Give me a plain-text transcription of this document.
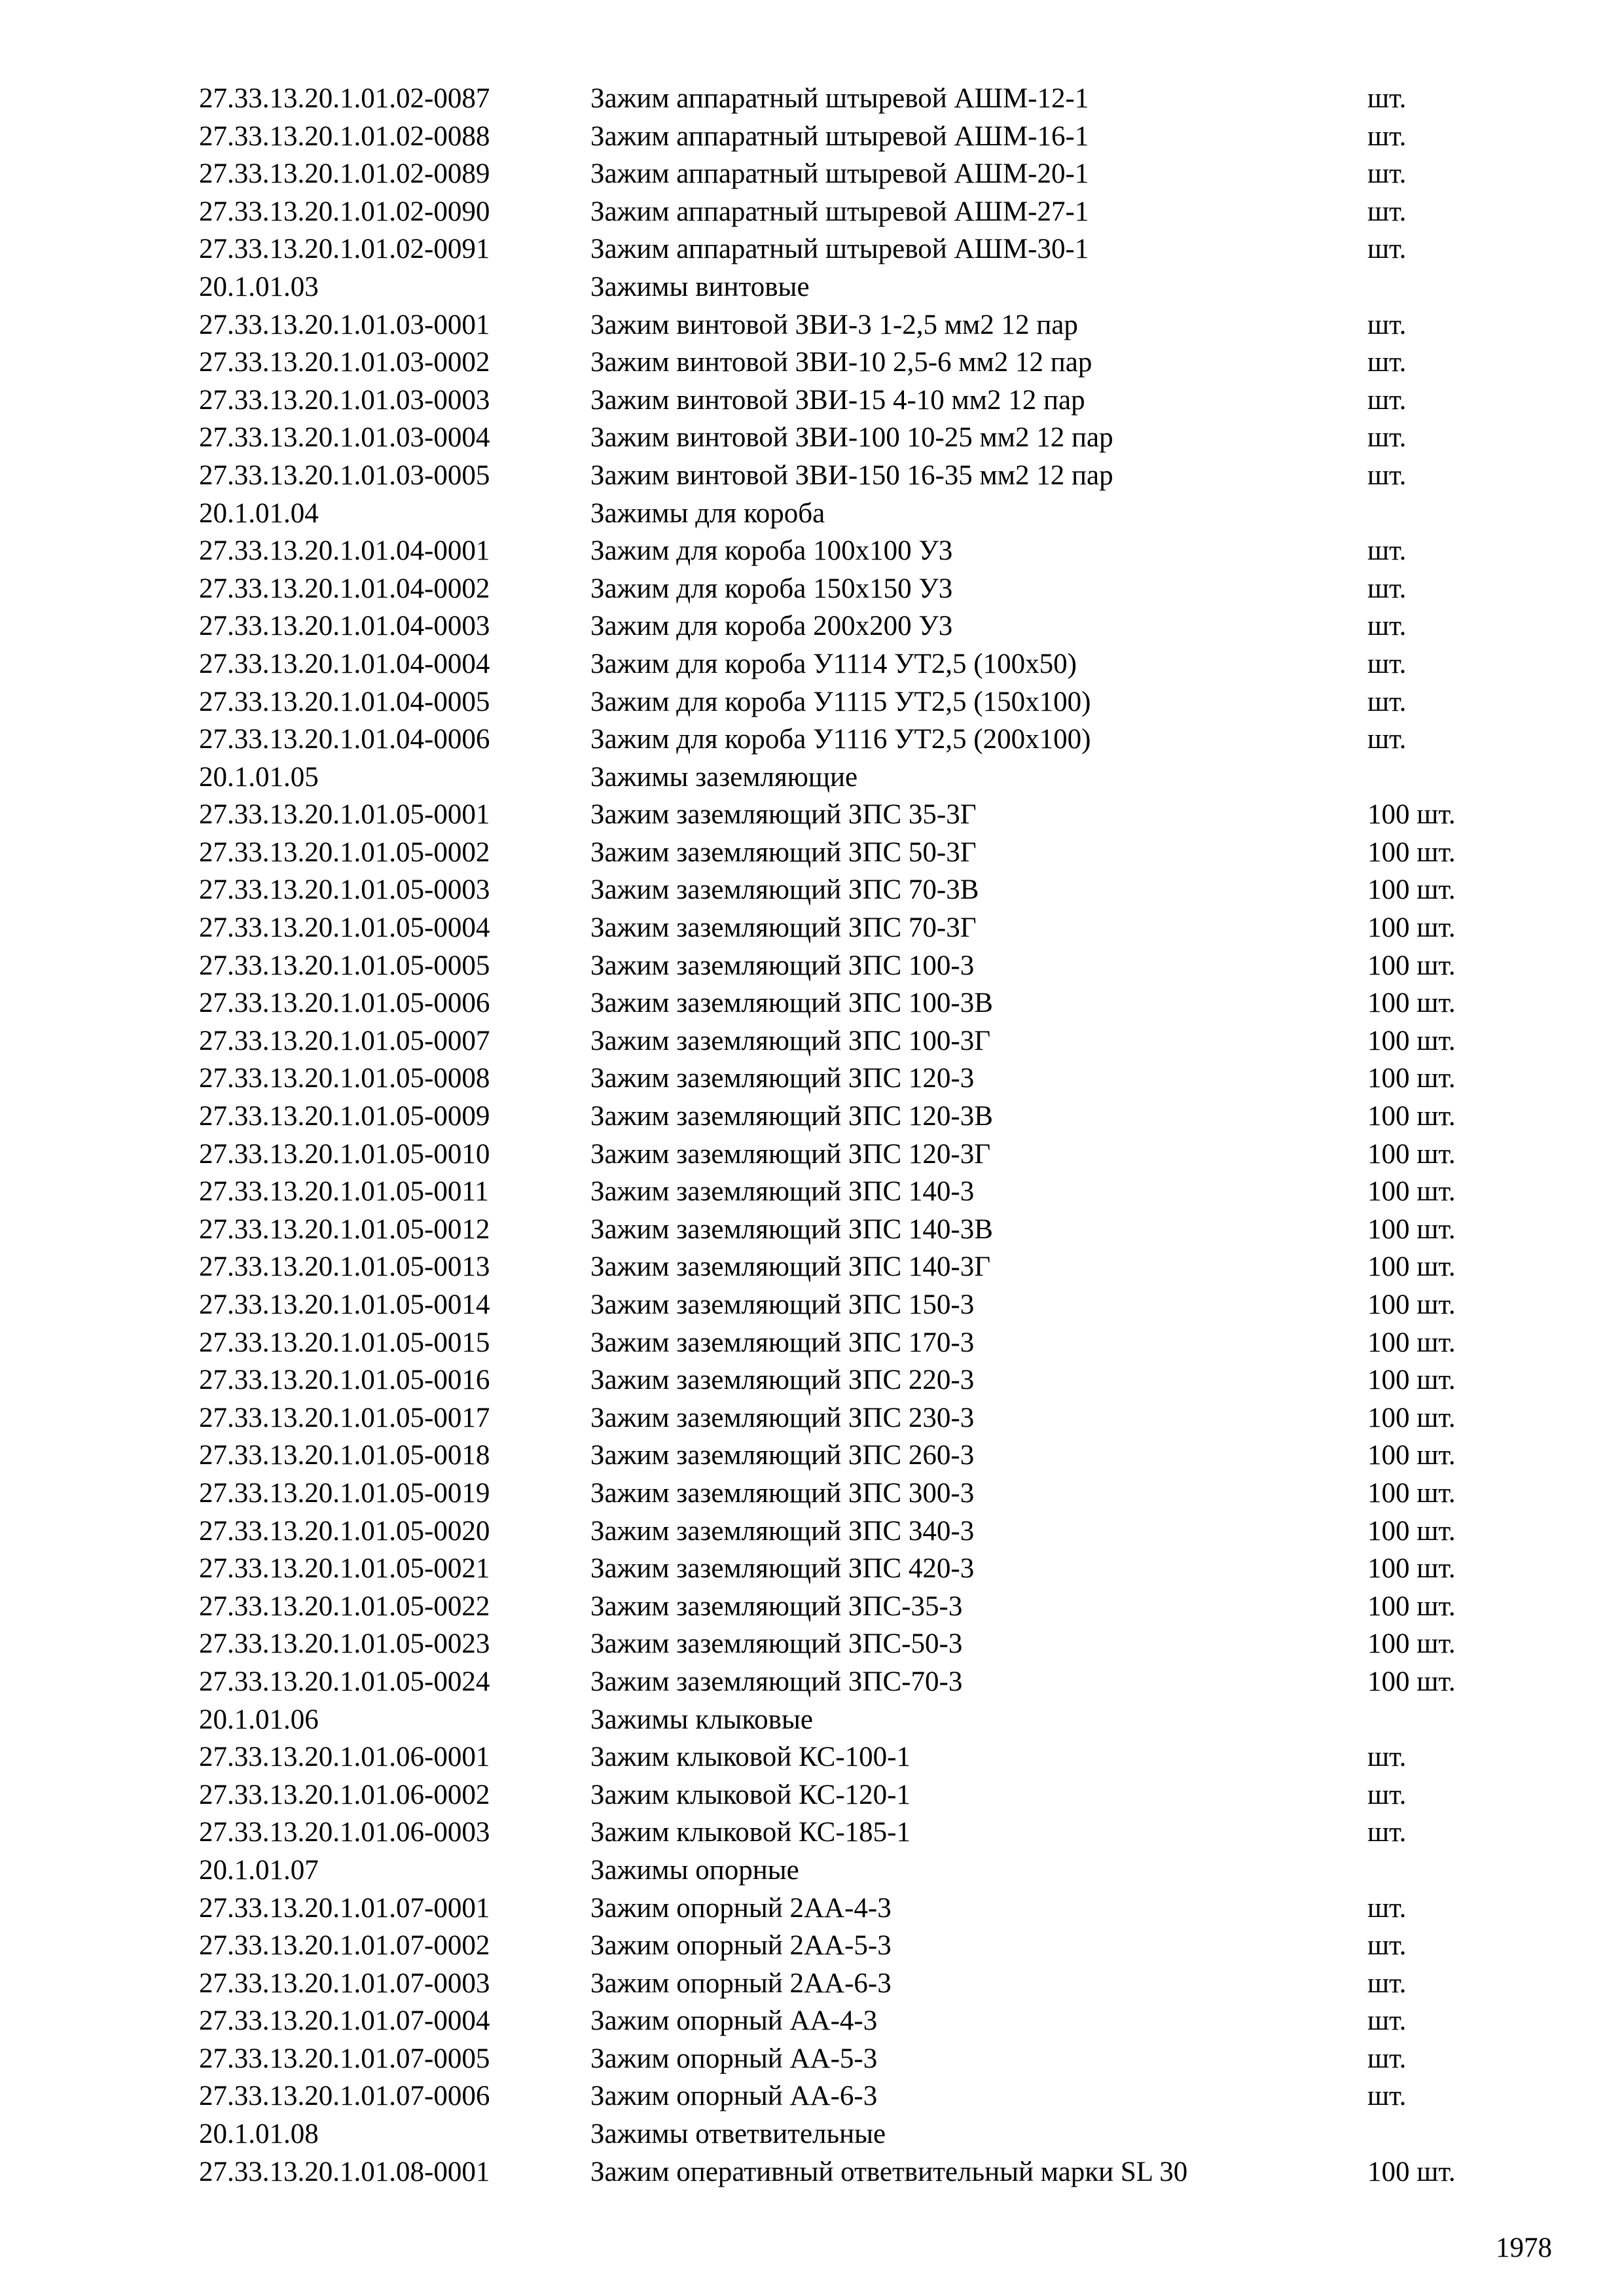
27.33.13.20.1.01.02-0087	Зажим аппаратный штыревой АШМ-12-1	шт.
27.33.13.20.1.01.02-0088	Зажим аппаратный штыревой АШМ-16-1	шт.
27.33.13.20.1.01.02-0089	Зажим аппаратный штыревой АШМ-20-1	шт.
27.33.13.20.1.01.02-0090	Зажим аппаратный штыревой АШМ-27-1	шт.
27.33.13.20.1.01.02-0091	Зажим аппаратный штыревой АШМ-30-1	шт.
20.1.01.03	Зажимы винтовые
27.33.13.20.1.01.03-0001	Зажим винтовой ЗВИ-3 1-2,5 мм2 12 пар	шт.
27.33.13.20.1.01.03-0002	Зажим винтовой ЗВИ-10 2,5-6 мм2 12 пар	шт.
27.33.13.20.1.01.03-0003	Зажим винтовой ЗВИ-15 4-10 мм2 12 пар	шт.
27.33.13.20.1.01.03-0004	Зажим винтовой ЗВИ-100 10-25 мм2 12 пар	шт.
27.33.13.20.1.01.03-0005	Зажим винтовой ЗВИ-150 16-35 мм2 12 пар	шт.
20.1.01.04	Зажимы для короба
27.33.13.20.1.01.04-0001	Зажим для короба 100х100 У3	шт.
27.33.13.20.1.01.04-0002	Зажим для короба 150х150 У3	шт.
27.33.13.20.1.01.04-0003	Зажим для короба 200х200 У3	шт.
27.33.13.20.1.01.04-0004	Зажим для короба У1114 УТ2,5 (100х50)	шт.
27.33.13.20.1.01.04-0005	Зажим для короба У1115 УТ2,5 (150х100)	шт.
27.33.13.20.1.01.04-0006	Зажим для короба У1116 УТ2,5 (200х100)	шт.
20.1.01.05	Зажимы заземляющие
27.33.13.20.1.01.05-0001	Зажим заземляющий ЗПС 35-3Г	100 шт.
27.33.13.20.1.01.05-0002	Зажим заземляющий ЗПС 50-3Г	100 шт.
27.33.13.20.1.01.05-0003	Зажим заземляющий ЗПС 70-3В	100 шт.
27.33.13.20.1.01.05-0004	Зажим заземляющий ЗПС 70-3Г	100 шт.
27.33.13.20.1.01.05-0005	Зажим заземляющий ЗПС 100-3	100 шт.
27.33.13.20.1.01.05-0006	Зажим заземляющий ЗПС 100-3В	100 шт.
27.33.13.20.1.01.05-0007	Зажим заземляющий ЗПС 100-3Г	100 шт.
27.33.13.20.1.01.05-0008	Зажим заземляющий ЗПС 120-3	100 шт.
27.33.13.20.1.01.05-0009	Зажим заземляющий ЗПС 120-3В	100 шт.
27.33.13.20.1.01.05-0010	Зажим заземляющий ЗПС 120-3Г	100 шт.
27.33.13.20.1.01.05-0011	Зажим заземляющий ЗПС 140-3	100 шт.
27.33.13.20.1.01.05-0012	Зажим заземляющий ЗПС 140-3В	100 шт.
27.33.13.20.1.01.05-0013	Зажим заземляющий ЗПС 140-3Г	100 шт.
27.33.13.20.1.01.05-0014	Зажим заземляющий ЗПС 150-3	100 шт.
27.33.13.20.1.01.05-0015	Зажим заземляющий ЗПС 170-3	100 шт.
27.33.13.20.1.01.05-0016	Зажим заземляющий ЗПС 220-3	100 шт.
27.33.13.20.1.01.05-0017	Зажим заземляющий ЗПС 230-3	100 шт.
27.33.13.20.1.01.05-0018	Зажим заземляющий ЗПС 260-3	100 шт.
27.33.13.20.1.01.05-0019	Зажим заземляющий ЗПС 300-3	100 шт.
27.33.13.20.1.01.05-0020	Зажим заземляющий ЗПС 340-3	100 шт.
27.33.13.20.1.01.05-0021	Зажим заземляющий ЗПС 420-3	100 шт.
27.33.13.20.1.01.05-0022	Зажим заземляющий ЗПС-35-3	100 шт.
27.33.13.20.1.01.05-0023	Зажим заземляющий ЗПС-50-3	100 шт.
27.33.13.20.1.01.05-0024	Зажим заземляющий ЗПС-70-3	100 шт.
20.1.01.06	Зажимы клыковые
27.33.13.20.1.01.06-0001	Зажим клыковой КС-100-1	шт.
27.33.13.20.1.01.06-0002	Зажим клыковой КС-120-1	шт.
27.33.13.20.1.01.06-0003	Зажим клыковой КС-185-1	шт.
20.1.01.07	Зажимы опорные
27.33.13.20.1.01.07-0001	Зажим опорный 2АА-4-3	шт.
27.33.13.20.1.01.07-0002	Зажим опорный 2АА-5-3	шт.
27.33.13.20.1.01.07-0003	Зажим опорный 2АА-6-3	шт.
27.33.13.20.1.01.07-0004	Зажим опорный АА-4-3	шт.
27.33.13.20.1.01.07-0005	Зажим опорный АА-5-3	шт.
27.33.13.20.1.01.07-0006	Зажим опорный АА-6-3	шт.
20.1.01.08	Зажимы ответвительные
27.33.13.20.1.01.08-0001	Зажим оперативный ответвительный марки SL 30	100 шт.
1978
